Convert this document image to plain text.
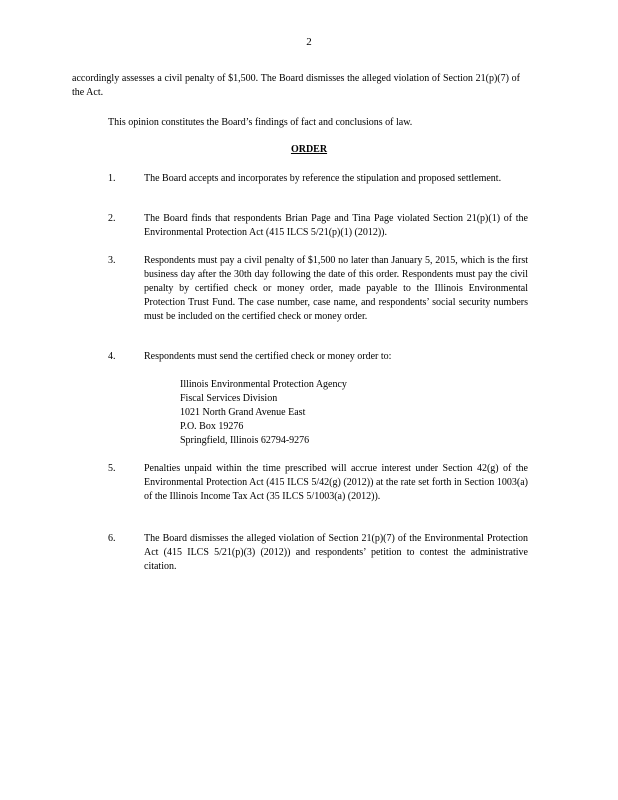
2

accordingly assesses a civil penalty of $1,500. The Board dismisses the alleged violation of Section 21(p)(7) of the Act.

This opinion constitutes the Board’s findings of fact and conclusions of law.

ORDER
1.	The Board accepts and incorporates by reference the stipulation and proposed settlement.
2.	The Board finds that respondents Brian Page and Tina Page violated Section 21(p)(1) of the Environmental Protection Act (415 ILCS 5/21(p)(1) (2012)).
3.	Respondents must pay a civil penalty of $1,500 no later than January 5, 2015, which is the first business day after the 30th day following the date of this order. Respondents must pay the civil penalty by certified check or money order, made payable to the Illinois Environmental Protection Trust Fund. The case number, case name, and respondents’ social security numbers must be included on the certified check or money order.
4.	Respondents must send the certified check or money order to:
Illinois Environmental Protection Agency
Fiscal Services Division
1021 North Grand Avenue East
P.O. Box 19276
Springfield, Illinois 62794-9276
5.	Penalties unpaid within the time prescribed will accrue interest under Section 42(g) of the Environmental Protection Act (415 ILCS 5/42(g) (2012)) at the rate set forth in Section 1003(a) of the Illinois Income Tax Act (35 ILCS 5/1003(a) (2012)).
6.	The Board dismisses the alleged violation of Section 21(p)(7) of the Environmental Protection Act (415 ILCS 5/21(p)(3) (2012)) and respondents’ petition to contest the administrative citation.
